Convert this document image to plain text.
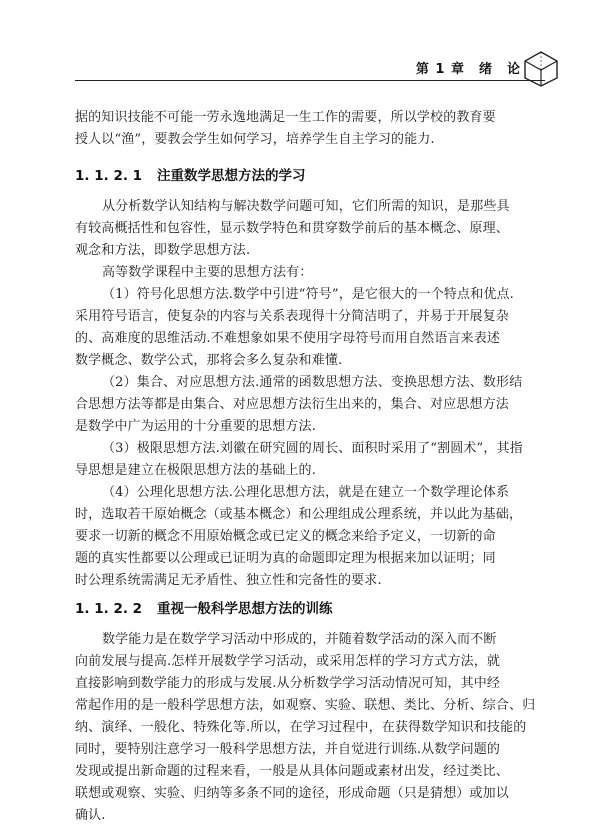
第 1 章　绪　论

据的知识技能不可能一劳永逸地满足一生工作的需要，所以学校的教育要

授人以“渔”，要教会学生如何学习，培养学生自主学习的能力.

1. 1. 2. 1 注重数学思想方法的学习

从分析数学认知结构与解决数学问题可知，它们所需的知识，是那些具

有较高概括性和包容性，显示数学特色和贯穿数学前后的基本概念、原理、

观念和方法，即数学思想方法.

高等数学课程中主要的思想方法有：

（1）符号化思想方法.数学中引进“符号”，是它很大的一个特点和优点.

采用符号语言，使复杂的内容与关系表现得十分简洁明了，并易于开展复杂

的、高难度的思维活动.不难想象如果不使用字母符号而用自然语言来表述

数学概念、数学公式，那将会多么复杂和难懂.

（2）集合、对应思想方法.通常的函数思想方法、变换思想方法、数形结

合思想方法等都是由集合、对应思想方法衍生出来的，集合、对应思想方法

是数学中广为运用的十分重要的思想方法.

（3）极限思想方法.刘徽在研究圆的周长、面积时采用了“割圆术”，其指

导思想是建立在极限思想方法的基础上的.

（4）公理化思想方法.公理化思想方法，就是在建立一个数学理论体系

时，选取若干原始概念（或基本概念）和公理组成公理系统，并以此为基础，

要求一切新的概念不用原始概念或已定义的概念来给予定义，一切新的命

题的真实性都要以公理或已证明为真的命题即定理为根据来加以证明；同

时公理系统需满足无矛盾性、独立性和完备性的要求.

1. 1. 2. 2 重视一般科学思想方法的训练

数学能力是在数学学习活动中形成的，并随着数学活动的深入而不断

向前发展与提高.怎样开展数学学习活动，或采用怎样的学习方式方法，就

直接影响到数学能力的形成与发展.从分析数学学习活动情况可知，其中经

常起作用的是一般科学思想方法，如观察、实验、联想、类比、分析、综合、归

纳、演绎、一般化、特殊化等.所以，在学习过程中，在获得数学知识和技能的

同时，要特别注意学习一般科学思想方法，并自觉进行训练.从数学问题的

发现或提出新命题的过程来看，一般是从具体问题或素材出发，经过类比、

联想或观察、实验、归纳等多条不同的途径，形成命题（只是猜想）或加以

确认.
